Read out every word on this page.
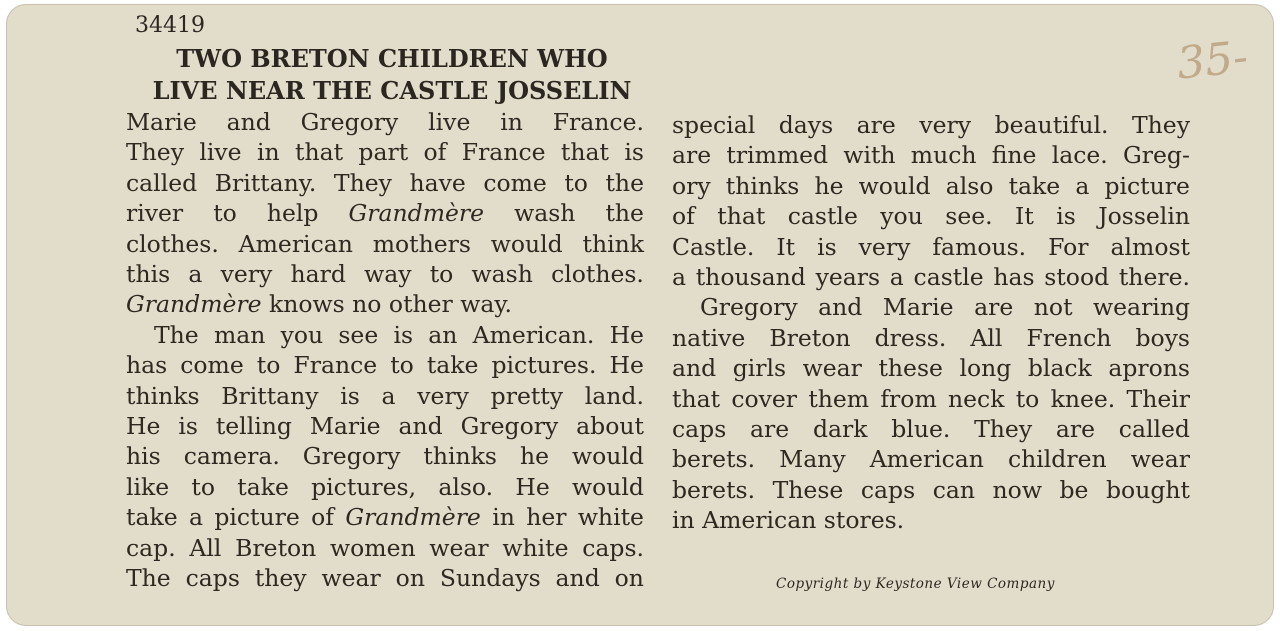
34419
35-
TWO BRETON CHILDREN WHO
LIVE NEAR THE CASTLE JOSSELIN
Marie and Gregory live in France.
They live in that part of France that is
called Brittany. They have come to the
river to help Grandmère wash the
clothes. American mothers would think
this a very hard way to wash clothes.
Grandmère knows no other way.
The man you see is an American. He
has come to France to take pictures. He
thinks Brittany is a very pretty land.
He is telling Marie and Gregory about
his camera. Gregory thinks he would
like to take pictures, also. He would
take a picture of Grandmère in her white
cap. All Breton women wear white caps.
The caps they wear on Sundays and on
special days are very beautiful. They
are trimmed with much fine lace. Greg-
ory thinks he would also take a picture
of that castle you see. It is Josselin
Castle. It is very famous. For almost
a thousand years a castle has stood there.
Gregory and Marie are not wearing
native Breton dress. All French boys
and girls wear these long black aprons
that cover them from neck to knee. Their
caps are dark blue. They are called
berets. Many American children wear
berets. These caps can now be bought
in American stores.
Copyright by Keystone View Company
